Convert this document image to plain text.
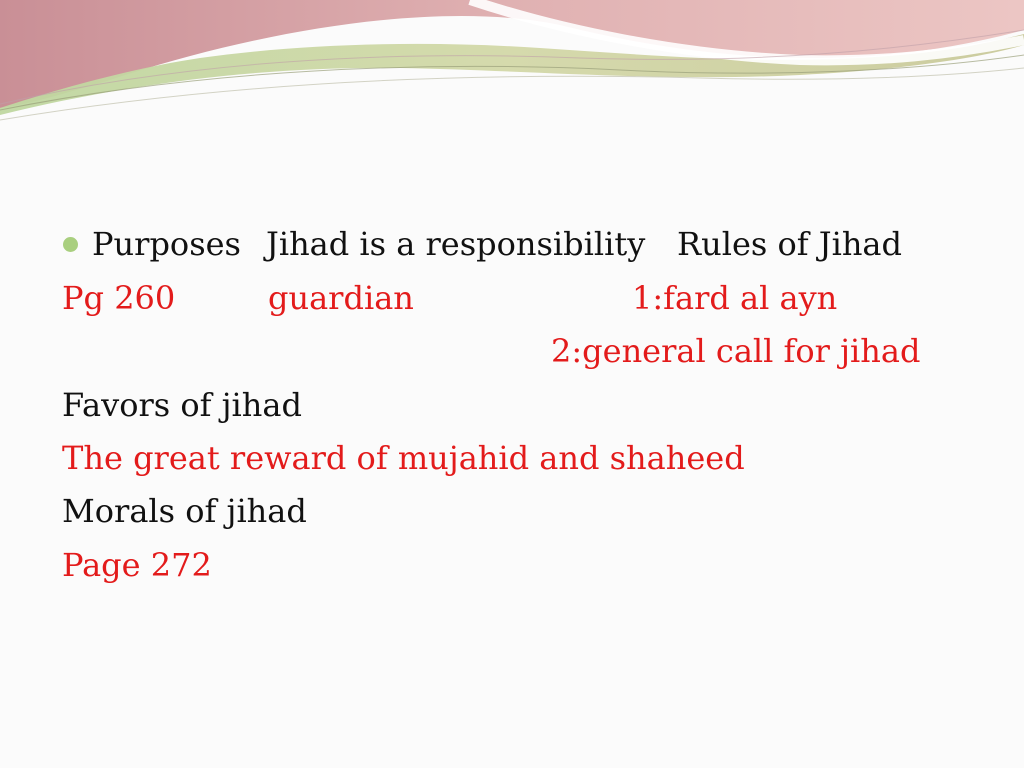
Purposes Jihad is a responsibility Rules of Jihad
Pg 260	guardian	1:fard al ayn
2:general call for jihad
Favors of jihad
The great reward of mujahid and shaheed
Morals of jihad
Page 272
